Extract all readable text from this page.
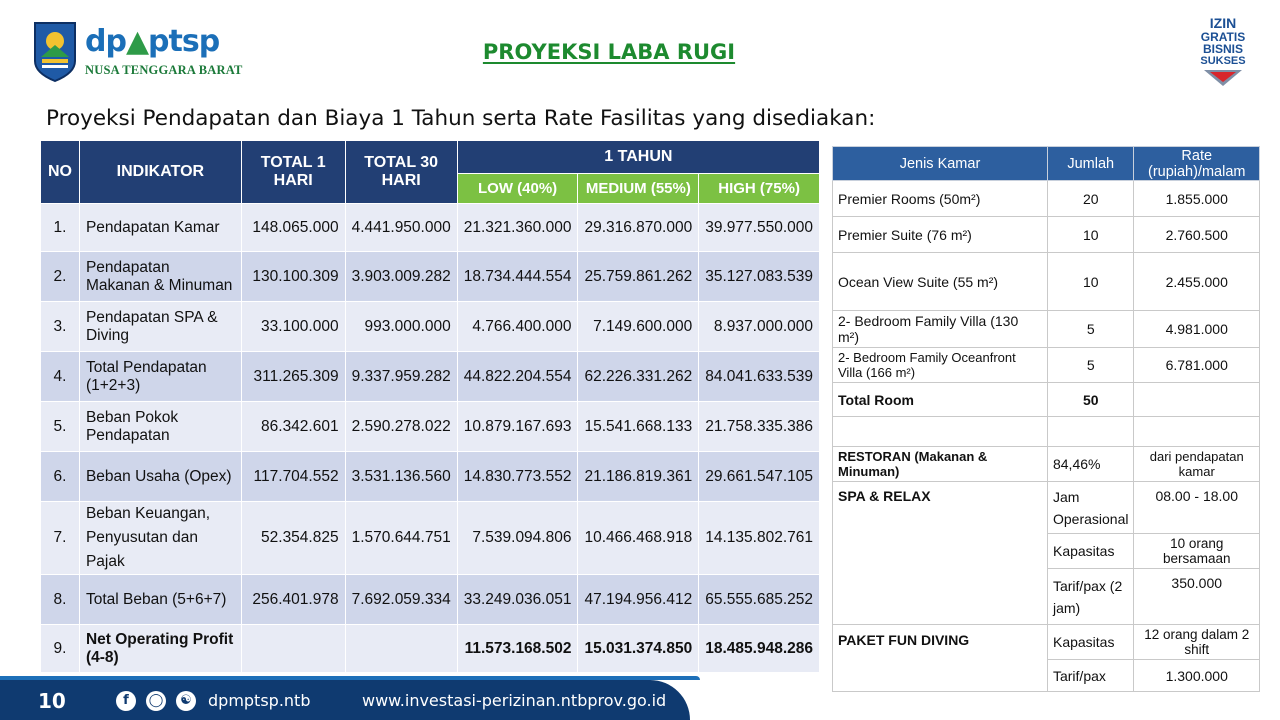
dp▲ptsp
NUSA TENGGARA BARAT
PROYEKSI LABA RUGI
IZIN
GRATIS
BISNIS
SUKSES
Proyeksi Pendapatan dan Biaya 1 Tahun serta Rate Fasilitas yang disediakan:
NO	INDIKATOR	TOTAL 1 HARI	TOTAL 30 HARI	1 TAHUN		
				LOW (40%)	MEDIUM (55%)	HIGH (75%)
1.	Pendapatan Kamar	148.065.000	4.441.950.000	21.321.360.000	29.316.870.000	39.977.550.000
2.	Pendapatan Makanan & Minuman	130.100.309	3.903.009.282	18.734.444.554	25.759.861.262	35.127.083.539
3.	Pendapatan SPA & Diving	33.100.000	993.000.000	4.766.400.000	7.149.600.000	8.937.000.000
4.	Total Pendapatan (1+2+3)	311.265.309	9.337.959.282	44.822.204.554	62.226.331.262	84.041.633.539
5.	Beban Pokok Pendapatan	86.342.601	2.590.278.022	10.879.167.693	15.541.668.133	21.758.335.386
6.	Beban Usaha (Opex)	117.704.552	3.531.136.560	14.830.773.552	21.186.819.361	29.661.547.105
7.	Beban Keuangan, Penyusutan dan Pajak	52.354.825	1.570.644.751	7.539.094.806	10.466.468.918	14.135.802.761
8.	Total Beban (5+6+7)	256.401.978	7.692.059.334	33.249.036.051	47.194.956.412	65.555.685.252
9.	Net Operating Profit (4-8)			11.573.168.502	15.031.374.850	18.485.948.286
Jenis Kamar	Jumlah	Rate (rupiah)/malam
Premier Rooms (50m²)	20	1.855.000
Premier Suite (76 m²)	10	2.760.500
Ocean View Suite (55 m²)	10	2.455.000
2- Bedroom Family Villa (130 m²)	5	4.981.000
2- Bedroom Family Oceanfront Villa (166 m²)	5	6.781.000
Total Room	50	

RESTORAN (Makanan & Minuman)	84,46%	dari pendapatan kamar
SPA & RELAX	Jam Operasional	08.00 - 18.00
	Kapasitas	10 orang bersamaan
	Tarif/pax (2 jam)	350.000
PAKET FUN DIVING	Kapasitas	12 orang dalam 2 shift
	Tarif/pax	1.300.000
10	f	◯	☯ dpmptsp.ntb	www.investasi-perizinan.ntbprov.go.id
